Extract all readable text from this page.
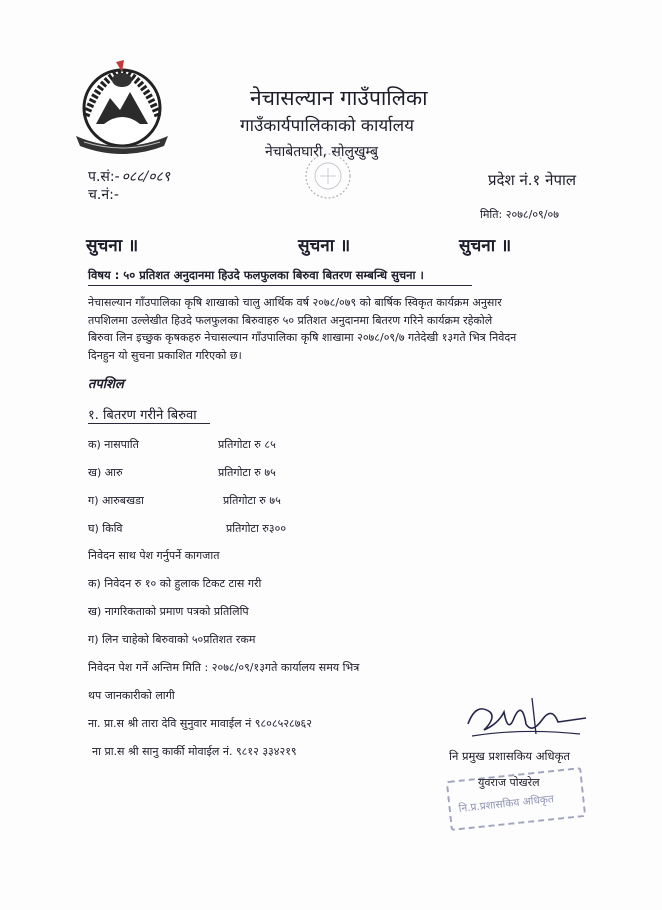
नेचासल्यान गाउँपालिका
गाउँकार्यपालिकाको कार्यालय
नेचाबेतघारी, सोलुखुम्बु
प.सं:- ०८८/०८९
च.नं:-
प्रदेश नं.१ नेपाल
मिति: २०७८/०९/०७
सुचना ॥	सुचना ॥	सुचना ॥
विषय : ५० प्रतिशत अनुदानमा हिउदे फलफुलका बिरुवा बितरण सम्बन्धि सुचना ।
नेचासल्यान गाँउपालिका कृषि शाखाको चालु आर्थिक वर्ष २०७८/०७९ को बार्षिक स्विकृत कार्यक्रम अनुसार
तपशिलमा उल्लेखीत हिउदे फलफुलका बिरुवाहरु ५० प्रतिशत अनुदानमा बितरण गरिने कार्यक्रम रहेकोले
बिरुवा लिन इच्छुक कृषकहरु नेचासल्यान गाँउपालिका कृषि शाखामा २०७८/०९/७ गतेदेखी १३गते भित्र निवेदन
दिनहुन यो सुचना प्रकाशित गरिएको छ।
तपशिल
१. बितरण गरीने बिरुवा
क) नासपाति	प्रतिगोटा रु ८५
ख) आरु	प्रतिगोटा रु ७५
ग) आरुबखडा	प्रतिगोटा रु ७५
घ) किवि	प्रतिगोटा रु३००
निवेदन साथ पेश गर्नुपर्ने कागजात
क) निवेदन रु १० को हुलाक टिकट टास गरी
ख) नागरिकताको प्रमाण पत्रको प्रतिलिपि
ग) लिन चाहेको बिरुवाको ५०प्रतिशत रकम
निवेदन पेश गर्ने अन्तिम मिति : २०७८/०९/१३गते कार्यालय समय भित्र
थप जानकारीको लागी
ना. प्रा.स श्री तारा देवि सुनुवार मावाईल नं ९८०८५२८७६२
ना प्रा.स श्री सानु कार्की मोवाईल नं. ९८१२ ३३४२१९	नि प्रमुख प्रशासकिय अधिकृत
नि.प्र.प्रशासकिय अधिकृत
युवराज पोखरेल
